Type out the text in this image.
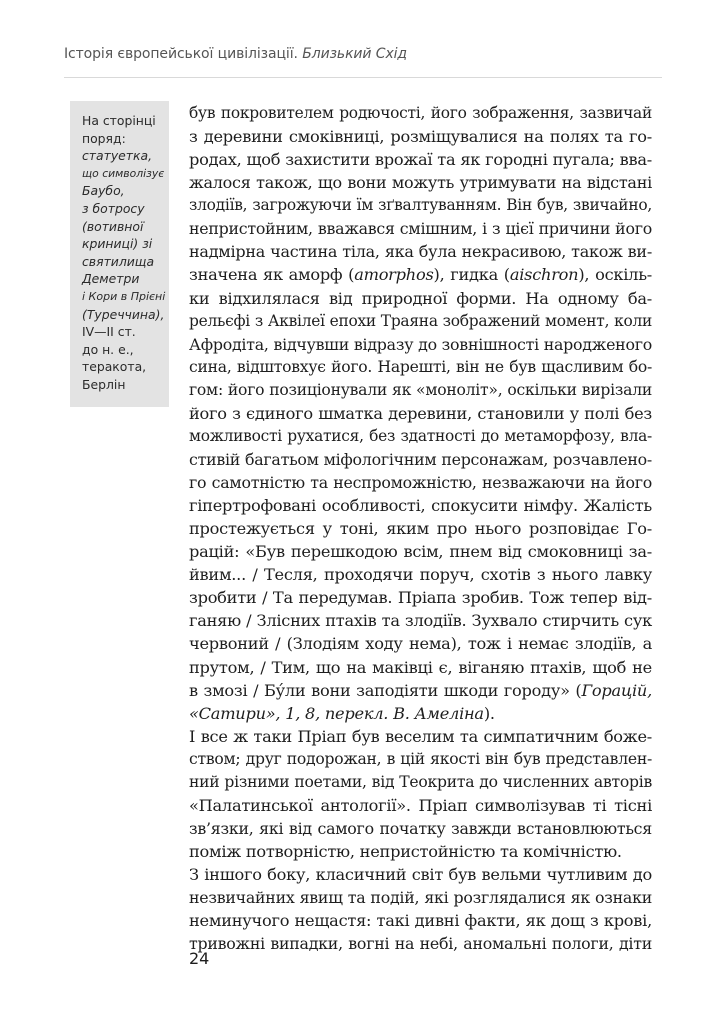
Історія європейської цивілізації. Близький Схід
На сторінці
поряд:
статуетка,
що символізує
Баубо,
з ботросу
(вотивної
криниці) зі
святилища
Деметри
і Кори в Прієні
(Туреччина),
IV—II ст.
до н. е.,
теракота,
Берлін
був покровителем родючості, його зображення, зазвичай
з деревини смоківниці, розміщувалися на полях та го-
родах, щоб захистити врожаї та як городні пугала; вва-
жалося також, що вони можуть утримувати на відстані
злодіїв, загрожуючи їм зґвалтуванням. Він був, звичайно,
непристойним, вважався смішним, і з цієї причини його
надмірна частина тіла, яка була некрасивою, також ви-
значена як аморф (amorphos), гидка (aischron), оскіль-
ки відхилялася від природної форми. На одному ба-
рельєфі з Аквілеї епохи Траяна зображений момент, коли
Афродіта, відчувши відразу до зовнішності народженого
сина, відштовхує його. Нарешті, він не був щасливим бо-
гом: його позиціонували як «моноліт», оскільки вирізали
його з єдиного шматка деревини, становили у полі без
можливості рухатися, без здатності до метаморфозу, вла-
стивій багатьом міфологічним персонажам, розчавлено-
го самотністю та неспроможністю, незважаючи на його
гіпертрофовані особливості, спокусити німфу. Жалість
простежується у тоні, яким про нього розповідає Го-
рацій: «Був перешкодою всім, пнем від смоковниці за-
йвим... / Тесля, проходячи поруч, схотів з нього лавку
зробити / Та передумав. Пріапа зробив. Тож тепер від-
ганяю / Злісних птахів та злодіїв. Зухвало стирчить сук
червоний / (Злодіям ходу нема), тож і немає злодіїв, а
прутом, / Тим, що на маківці є, віганяю птахів, щоб не
в змозі / Бу́ли вони заподіяти шкоди городу» (Горацій,
«Сатири», 1, 8, перекл. В. Амеліна).
І все ж таки Пріап був веселим та симпатичним боже-
ством; друг подорожан, в цій якості він був представлен-
ний різними поетами, від Теокрита до численних авторів
«Палатинської антології». Пріап символізував ті тісні
зв’язки, які від самого початку завжди встановлюються
поміж потворністю, непристойністю та комічністю.
З іншого боку, класичний світ був вельми чутливим до
незвичайних явищ та подій, які розглядалися як ознаки
неминучого нещастя: такі дивні факти, як дощ з крові,
тривожні випадки, вогні на небі, аномальні пологи, діти
24
